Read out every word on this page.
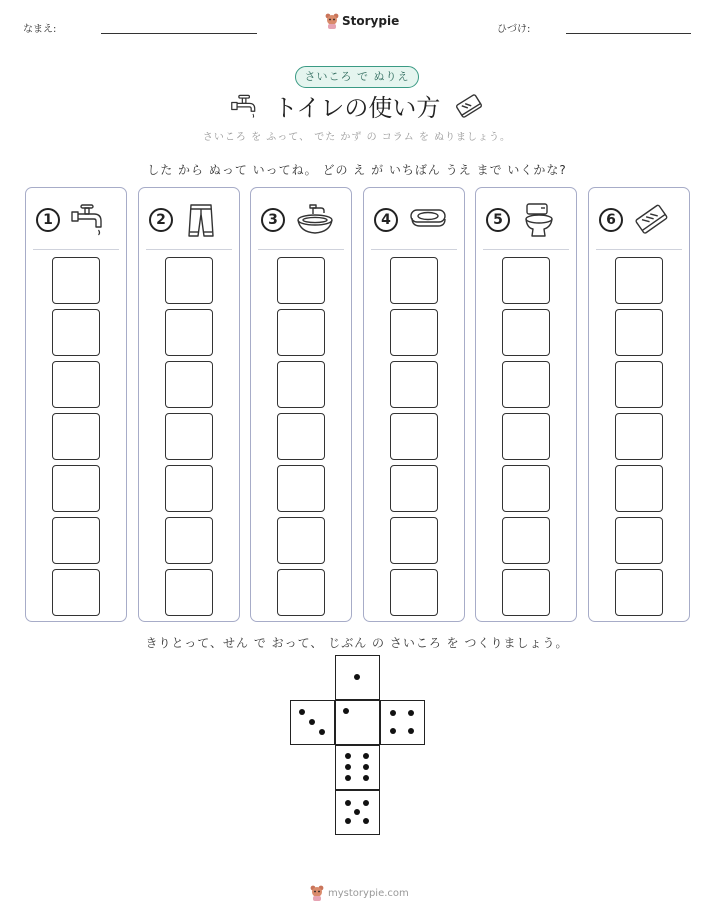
なまえ:
Storypie
ひづけ:
さいころ で ぬりえ
トイレの使い方
さいころ を ふって、 でた かず の コラム を ぬりましょう。
した から ぬって いってね。 どの え が いちばん うえ まで いくかな?
1	2	3	4	5	6
きりとって、せん で おって、 じぶん の さいころ を つくりましょう。
mystorypie.com
